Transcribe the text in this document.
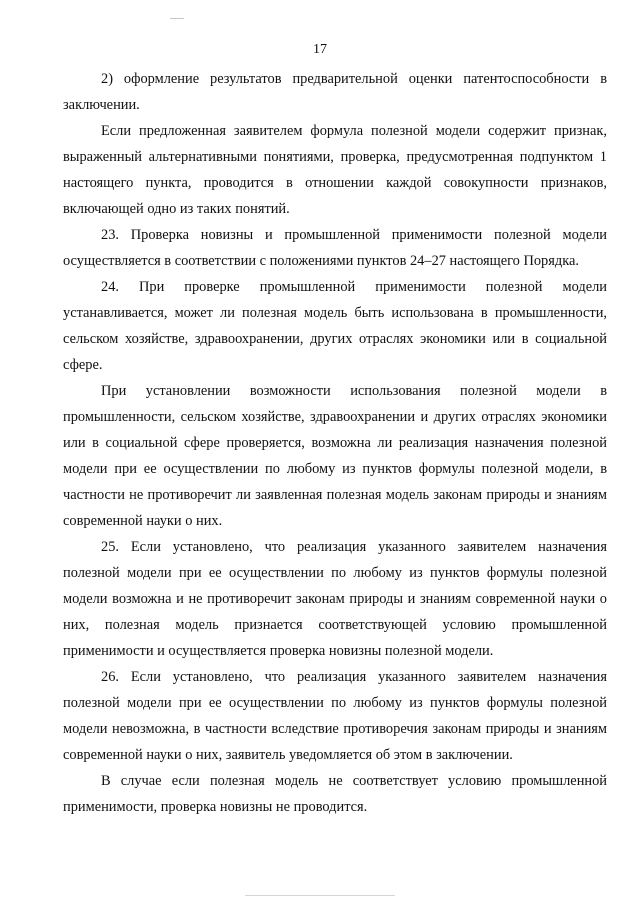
17

2) оформление результатов предварительной оценки патентоспособности в заключении.

Если предложенная заявителем формула полезной модели содержит признак, выраженный альтернативными понятиями, проверка, предусмотренная подпунктом 1 настоящего пункта, проводится в отношении каждой совокупности признаков, включающей одно из таких понятий.

23. Проверка новизны и промышленной применимости полезной модели осуществляется в соответствии с положениями пунктов 24–27 настоящего Порядка.

24. При проверке промышленной применимости полезной модели устанавливается, может ли полезная модель быть использована в промышленности, сельском хозяйстве, здравоохранении, других отраслях экономики или в социальной сфере.

При установлении возможности использования полезной модели в промышленности, сельском хозяйстве, здравоохранении и других отраслях экономики или в социальной сфере проверяется, возможна ли реализация назначения полезной модели при ее осуществлении по любому из пунктов формулы полезной модели, в частности не противоречит ли заявленная полезная модель законам природы и знаниям современной науки о них.

25. Если установлено, что реализация указанного заявителем назначения полезной модели при ее осуществлении по любому из пунктов формулы полезной модели возможна и не противоречит законам природы и знаниям современной науки о них, полезная модель признается соответствующей условию промышленной применимости и осуществляется проверка новизны полезной модели.

26. Если установлено, что реализация указанного заявителем назначения полезной модели при ее осуществлении по любому из пунктов формулы полезной модели невозможна, в частности вследствие противоречия законам природы и знаниям современной науки о них, заявитель уведомляется об этом в заключении.

В случае если полезная модель не соответствует условию промышленной применимости, проверка новизны не проводится.
